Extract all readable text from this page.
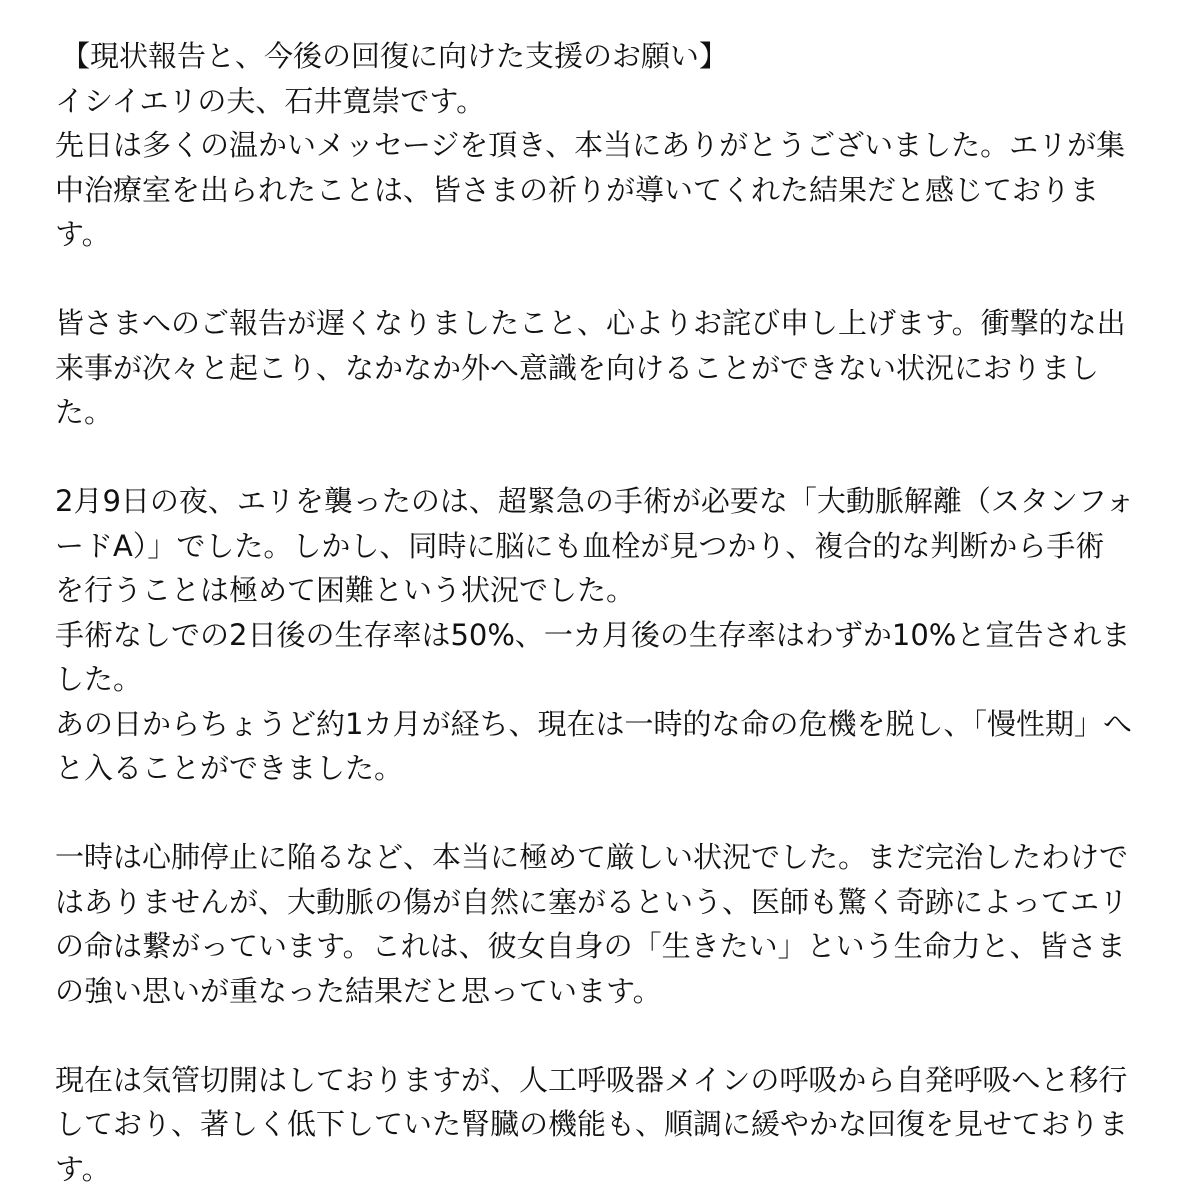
【現状報告と、今後の回復に向けた支援のお願い】
イシイエリの夫、石井寛崇です。
先日は多くの温かいメッセージを頂き、本当にありがとうございました。エリが集
中治療室を出られたことは、皆さまの祈りが導いてくれた結果だと感じておりま
す。
皆さまへのご報告が遅くなりましたこと、心よりお詫び申し上げます。衝撃的な出
来事が次々と起こり、なかなか外へ意識を向けることができない状況におりまし
た。
2月9日の夜、エリを襲ったのは、超緊急の手術が必要な「大動脈解離（スタンフォ
ードA）」でした。しかし、同時に脳にも血栓が見つかり、複合的な判断から手術
を行うことは極めて困難という状況でした。
手術なしでの2日後の生存率は50%、一カ月後の生存率はわずか10%と宣告されま
した。
あの日からちょうど約1カ月が経ち、現在は一時的な命の危機を脱し、「慢性期」へ
と入ることができました。
一時は心肺停止に陥るなど、本当に極めて厳しい状況でした。まだ完治したわけで
はありませんが、大動脈の傷が自然に塞がるという、医師も驚く奇跡によってエリ
の命は繋がっています。これは、彼女自身の「生きたい」という生命力と、皆さま
の強い思いが重なった結果だと思っています。
現在は気管切開はしておりますが、人工呼吸器メインの呼吸から自発呼吸へと移行
しており、著しく低下していた腎臓の機能も、順調に緩やかな回復を見せておりま
す。
